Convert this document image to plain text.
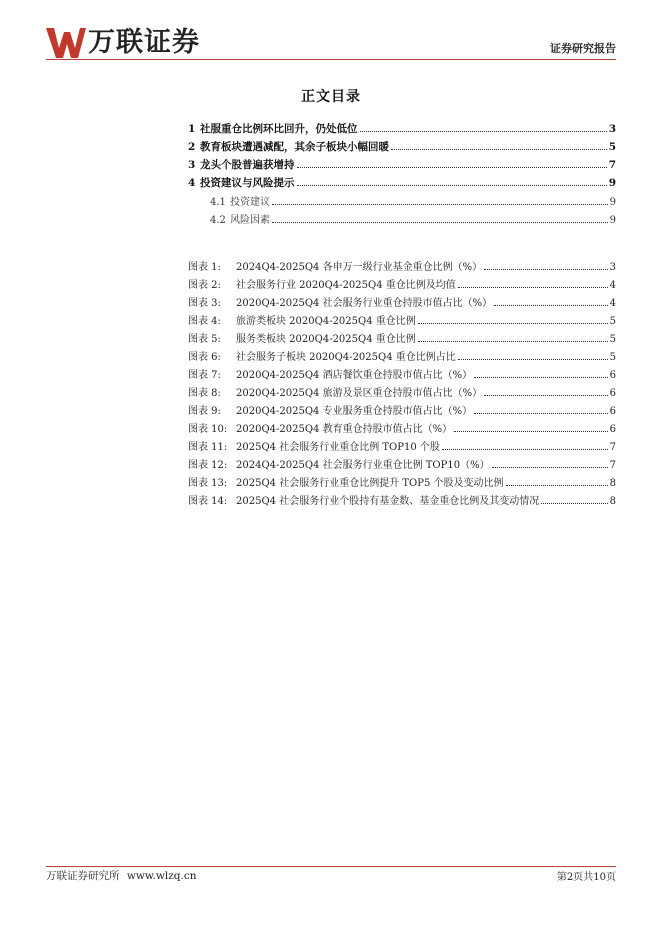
万联证券	证券研究报告
正文目录
1 社服重仓比例环比回升，仍处低位	3
2 教育板块遭遇减配，其余子板块小幅回暖	5
3 龙头个股普遍获增持	7
4 投资建议与风险提示	9
4.1 投资建议	9
4.2 风险因素	9
图表 1: 2024Q4-2025Q4 各申万一级行业基金重仓比例（%）	3
图表 2: 社会服务行业 2020Q4-2025Q4 重仓比例及均值	4
图表 3: 2020Q4-2025Q4 社会服务行业重仓持股市值占比（%）	4
图表 4: 旅游类板块 2020Q4-2025Q4 重仓比例	5
图表 5: 服务类板块 2020Q4-2025Q4 重仓比例	5
图表 6: 社会服务子板块 2020Q4-2025Q4 重仓比例占比	5
图表 7: 2020Q4-2025Q4 酒店餐饮重仓持股市值占比（%）	6
图表 8: 2020Q4-2025Q4 旅游及景区重仓持股市值占比（%）	6
图表 9: 2020Q4-2025Q4 专业服务重仓持股市值占比（%）	6
图表 10: 2020Q4-2025Q4 教育重仓持股市值占比（%）	6
图表 11: 2025Q4 社会服务行业重仓比例 TOP10 个股	7
图表 12: 2024Q4-2025Q4 社会服务行业重仓比例 TOP10（%）	7
图表 13: 2025Q4 社会服务行业重仓比例提升 TOP5 个股及变动比例	8
图表 14: 2025Q4 社会服务行业个股持有基金数、基金重仓比例及其变动情况	8
万联证券研究所 www.wlzq.cn	第2页共10页
